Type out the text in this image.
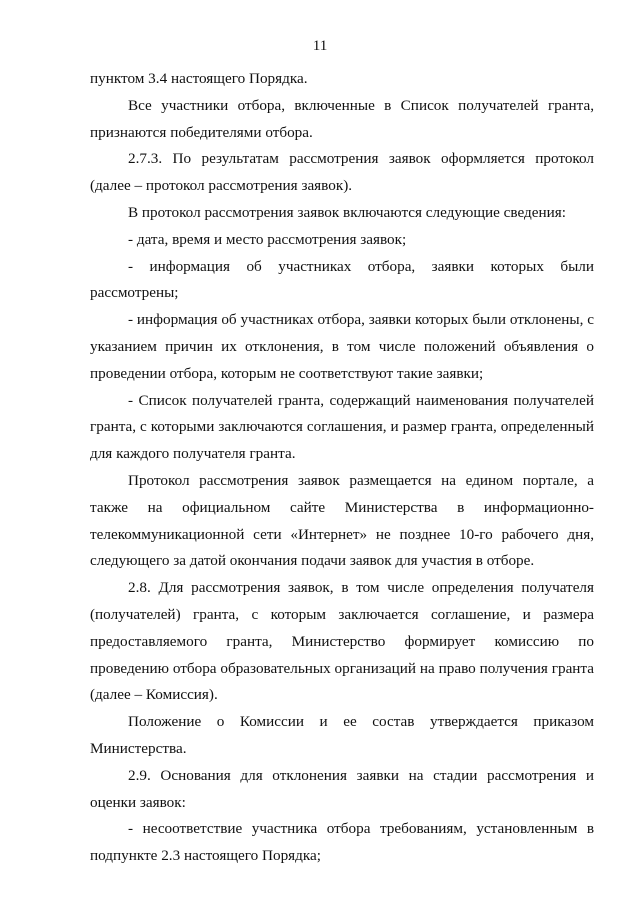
11

пунктом 3.4 настоящего Порядка.

Все участники отбора, включенные в Список получателей гранта, признаются победителями отбора.

2.7.3. По результатам рассмотрения заявок оформляется протокол (далее – протокол рассмотрения заявок).

В протокол рассмотрения заявок включаются следующие сведения:

- дата, время и место рассмотрения заявок;

- информация об участниках отбора, заявки которых были рассмотрены;

- информация об участниках отбора, заявки которых были отклонены, с указанием причин их отклонения, в том числе положений объявления о проведении отбора, которым не соответствуют такие заявки;

- Список получателей гранта, содержащий наименования получателей гранта, с которыми заключаются соглашения, и размер гранта, определенный для каждого получателя гранта.

Протокол рассмотрения заявок размещается на едином портале, а также на официальном сайте Министерства в информационно-телекоммуникационной сети «Интернет» не позднее 10-го рабочего дня, следующего за датой окончания подачи заявок для участия в отборе.

2.8. Для рассмотрения заявок, в том числе определения получателя (получателей) гранта, с которым заключается соглашение, и размера предоставляемого гранта, Министерство формирует комиссию по проведению отбора образовательных организаций на право получения гранта (далее – Комиссия).

Положение о Комиссии и ее состав утверждается приказом Министерства.

2.9. Основания для отклонения заявки на стадии рассмотрения и оценки заявок:

- несоответствие участника отбора требованиям, установленным в подпункте 2.3 настоящего Порядка;
